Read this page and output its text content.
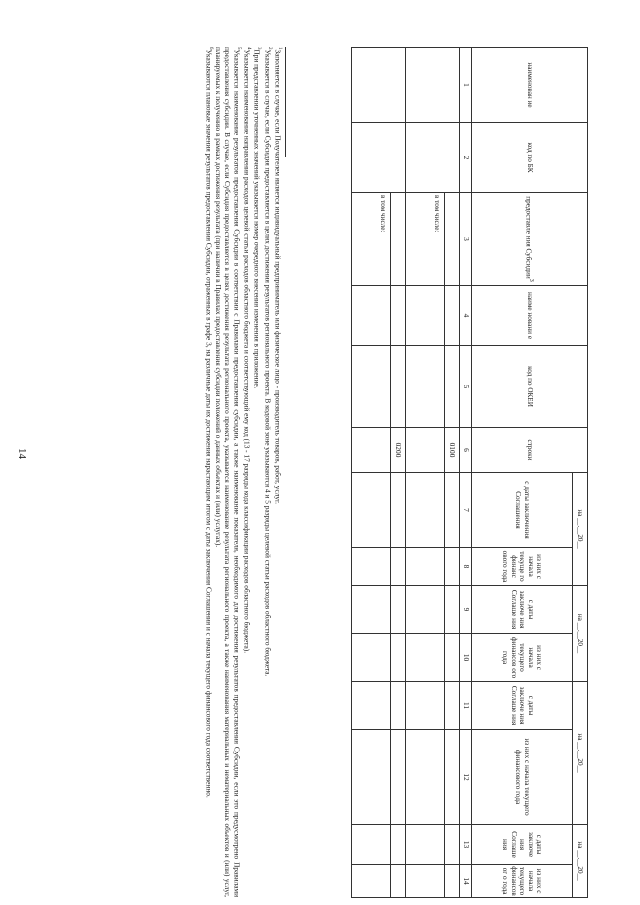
14
наименован ие	код по БК	предоставле ния Субсидии$^3$	наиме новани е	код по ОКЕИ	строки	на __.__20__		на __.__20__		на __.__20__		на __.__20__	
						с даты заключения Соглашения	из них с начала текуще го финанс ового года	с даты заключе ния Соглаше ния	из них с начала текущего финансов ого года	с даты заключе ния Соглаше ния	из них с начала текущего финансового года	с даты заключе ния Соглаше ния	из них с начала текущего финансовог о года
1	2	3	4	5	6	7	8	9	10	11	12	13	14
					0100								
		в том числе:											
					0200								
		в том числе:											

$^1$Заполняется в случае, если Получателем является индивидуальный предприниматель или физическое лицо - производитель товаров, работ, услуг.

$^2$Указывается в случае, если Субсидия предоставляется в целях достижения результатов регионального проекта. В кодовой зоне указываются 4 и 5 разряды целевой статьи расходов областного бюджета.

$^3$При представлении уточненных значений указывается номер очередного внесения изменения в приложение.

$^4$Указывается наименование направления расходов целевой статьи расходов областного бюджета и соответствующий ему код (13 - 17 разряды кода классификации расходов областного бюджета).

$^5$Указывается наименование результатов предоставления Субсидии в соответствии с Правилами предоставления субсидии, а также наименование показателя, необходимого для достижения результатов предоставления Субсидии, если это предусмотрено Правилами предоставления субсидии. В случае, если Субсидия предоставляется в целях достижения результата регионального проекта, указывается наименование результата регионального проекта, а также наименования материальных и нематериальных объектов и (или) услуг, планируемых к получению в рамках достижения результата (при наличии в Правилах предоставления субсидии положений о данных объектах и (или) услугах).

$^6$Указываются плановые значения результатов предоставления Субсидии, отраженных в графе 3, на различные даты их достижения нарастающим итогом с даты заключения Соглашения и с начала текущего финансового года соответственно.
